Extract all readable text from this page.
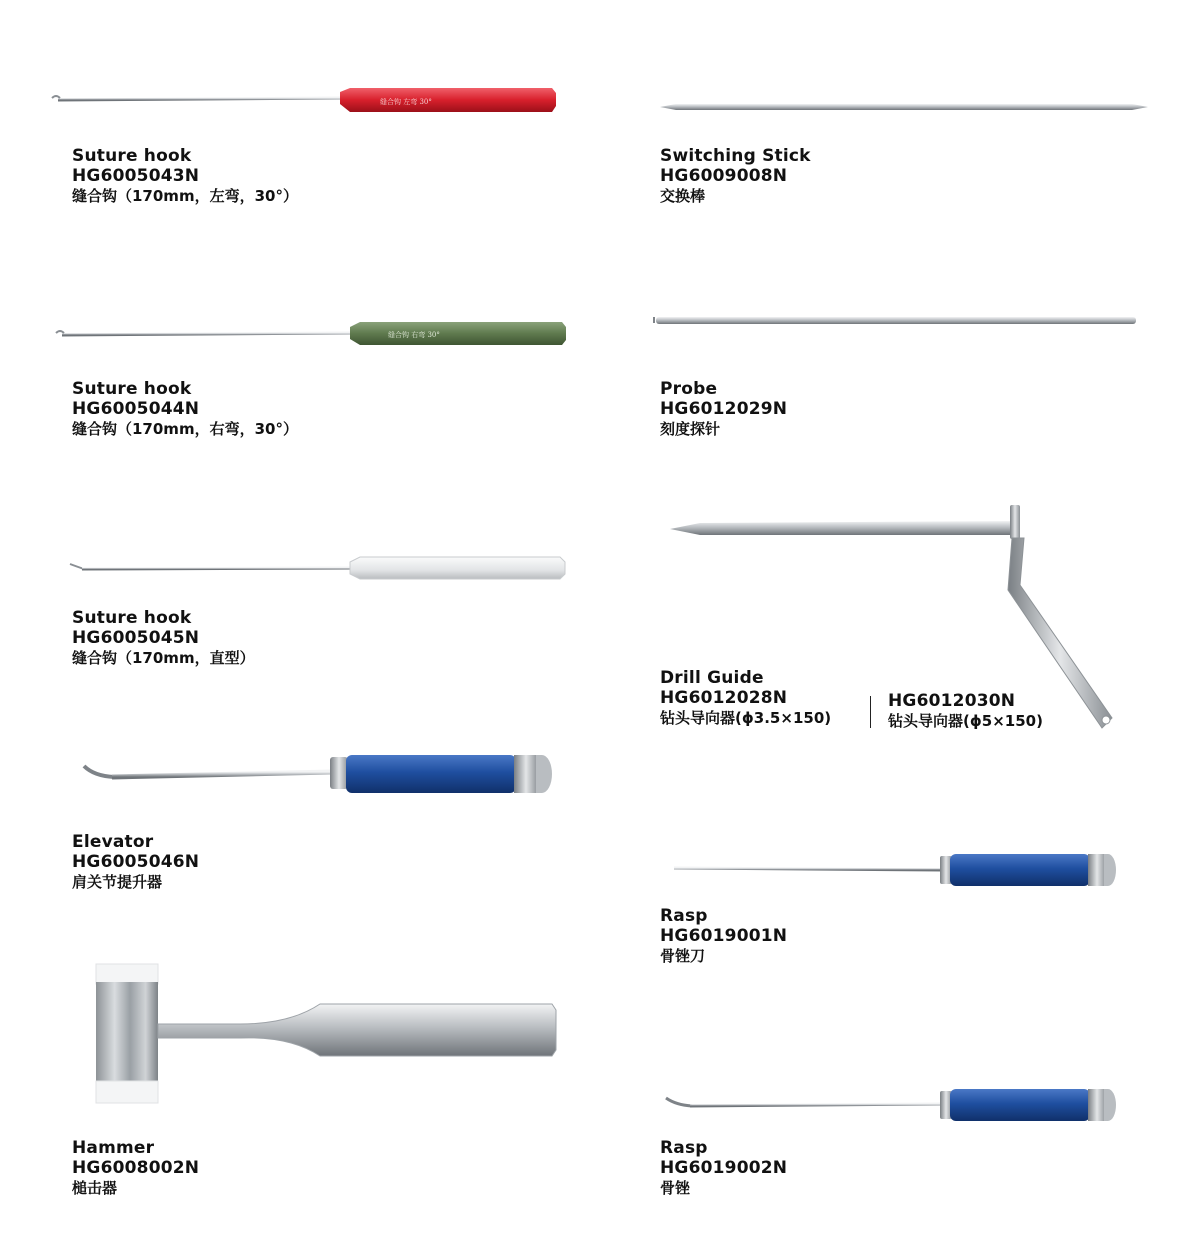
缝合钩 左弯 30°
缝合钩 右弯 30°
Suture hook
HG6005043N
缝合钩（170mm，左弯，30°）
Suture hook
HG6005044N
缝合钩（170mm，右弯，30°）
Suture hook
HG6005045N
缝合钩（170mm，直型）
Elevator
HG6005046N
肩关节提升器
Hammer
HG6008002N
槌击器
Switching Stick
HG6009008N
交换棒
Probe
HG6012029N
刻度探针
Drill Guide
HG6012028N
钻头导向器(ϕ3.5×150)
HG6012030N
钻头导向器(ϕ5×150)
Rasp
HG6019001N
骨锉刀
Rasp
HG6019002N
骨锉
